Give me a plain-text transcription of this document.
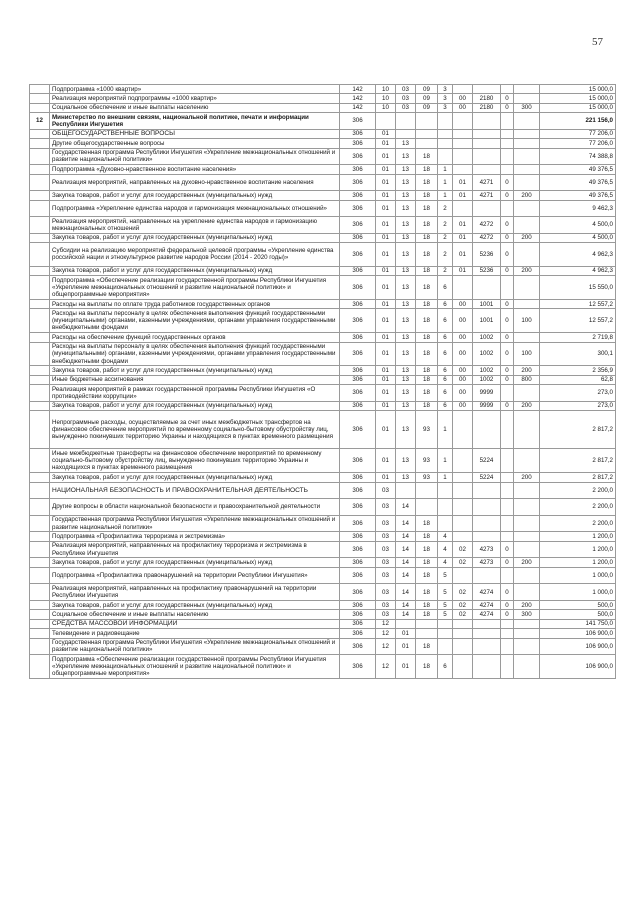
57
	Подпрограмма «1000 квартир»	142	10	03	09	3					15 000,0
	Реализация мероприятий подпрограммы «1000 квартир»	142	10	03	09	3	00	2180	0		15 000,0
	Социальное обеспечение и иные выплаты населению	142	10	03	09	3	00	2180	0	300	15 000,0
12	Министерство по внешним связям, национальной политике, печати и информации Республики Ингушетия	306									221 156,0
	ОБЩЕГОСУДАРСТВЕННЫЕ ВОПРОСЫ	306	01								77 206,0
	Другие общегосударственные вопросы	306	01	13							77 206,0
	Государственная программа Республики Ингушетия «Укрепление межнациональных отношений и развитие национальной политики»	306	01	13	18						74 388,8
	Подпрограмма «Духовно-нравственное воспитание населения»	306	01	13	18	1					49 376,5
	Реализация мероприятий, направленных на духовно-нравственное воспитание населения	306	01	13	18	1	01	4271	0		49 376,5
	Закупка товаров, работ и услуг для государственных (муниципальных) нужд	306	01	13	18	1	01	4271	0	200	49 376,5
	Подпрограмма «Укрепление единства народов и гармонизация межнациональных отношений»	306	01	13	18	2					9 462,3
	Реализация мероприятий, направленных на укрепление единства народов и гармонизацию межнациональных отношений	306	01	13	18	2	01	4272	0		4 500,0
	Закупка товаров, работ и услуг для государственных (муниципальных) нужд	306	01	13	18	2	01	4272	0	200	4 500,0
	Субсидии на реализацию мероприятий федеральной целевой программы «Укрепление единства российской нации и этнокультурное развитие народов России (2014 - 2020 годы)»	306	01	13	18	2	01	5236	0		4 962,3
	Закупка товаров, работ и услуг для государственных (муниципальных) нужд	306	01	13	18	2	01	5236	0	200	4 962,3
	Подпрограмма «Обеспечение реализации государственной программы Республики Ингушетия «Укрепление межнациональных отношений и развитие национальной политики» и общепрограммные мероприятия»	306	01	13	18	6					15 550,0
	Расходы на выплаты по оплате труда работников государственных органов	306	01	13	18	6	00	1001	0		12 557,2
	Расходы на выплаты персоналу в целях обеспечения выполнения функций государственными (муниципальными) органами, казенными учреждениями, органами управления государственными внебюджетными фондами	306	01	13	18	6	00	1001	0	100	12 557,2
	Расходы на обеспечение функций государственных органов	306	01	13	18	6	00	1002	0		2 719,8
	Расходы на выплаты персоналу в целях обеспечения выполнения функций государственными (муниципальными) органами, казенными учреждениями, органами управления государственными внебюджетными фондами	306	01	13	18	6	00	1002	0	100	300,1
	Закупка товаров, работ и услуг для государственных (муниципальных) нужд	306	01	13	18	6	00	1002	0	200	2 356,9
	Иные бюджетные ассигнования	306	01	13	18	6	00	1002	0	800	62,8
	Реализация мероприятий в рамках государственной программы Республики Ингушетия «О противодействии коррупции»	306	01	13	18	6	00	9999			273,0
	Закупка товаров, работ и услуг для государственных (муниципальных) нужд	306	01	13	18	6	00	9999	0	200	273,0
	Непрограммные расходы, осуществляемые за счет иных межбюджетных трансфертов на финансовое обеспечение мероприятий по временному социально-бытовому обустройству лиц, вынужденно покинувших территорию Украины и находящихся в пунктах временного размещения	306	01	13	93	1					2 817,2
	Иные межбюджетные трансферты на финансовое обеспечение мероприятий по временному социально-бытовому обустройству лиц, вынужденно покинувших территорию Украины и находящихся в пунктах временного размещения	306	01	13	93	1		5224			2 817,2
	Закупка товаров, работ и услуг для государственных (муниципальных) нужд	306	01	13	93	1		5224		200	2 817,2
	НАЦИОНАЛЬНАЯ БЕЗОПАСНОСТЬ И ПРАВООХРАНИТЕЛЬНАЯ ДЕЯТЕЛЬНОСТЬ	306	03								2 200,0
	Другие вопросы в области национальной безопасности и правоохранительной деятельности	306	03	14							2 200,0
	Государственная программа Республики Ингушетия «Укрепление межнациональных отношений и развитие национальной политики»	306	03	14	18						2 200,0
	Подпрограмма «Профилактика терроризма и экстремизма»	306	03	14	18	4					1 200,0
	Реализация мероприятий, направленных на профилактику терроризма и экстремизма в Республике Ингушетия	306	03	14	18	4	02	4273	0		1 200,0
	Закупка товаров, работ и услуг для государственных (муниципальных) нужд	306	03	14	18	4	02	4273	0	200	1 200,0
	Подпрограмма «Профилактика правонарушений на территории Республики Ингушетия»	306	03	14	18	5					1 000,0
	Реализация мероприятий, направленных на профилактику правонарушений на территории Республики Ингушетия	306	03	14	18	5	02	4274	0		1 000,0
	Закупка товаров, работ и услуг для государственных (муниципальных) нужд	306	03	14	18	5	02	4274	0	200	500,0
	Социальное обеспечение и иные выплаты населению	306	03	14	18	5	02	4274	0	300	500,0
	СРЕДСТВА МАССОВОЙ ИНФОРМАЦИИ	306	12								141 750,0
	Телевидение и радиовещание	306	12	01							106 900,0
	Государственная программа Республики Ингушетия «Укрепление межнациональных отношений и развитие национальной политики»	306	12	01	18						106 900,0
	Подпрограмма «Обеспечение реализации государственной программы Республики Ингушетия «Укрепление межнациональных отношений и развитие национальной политики» и общепрограммные мероприятия»	306	12	01	18	6					106 900,0
